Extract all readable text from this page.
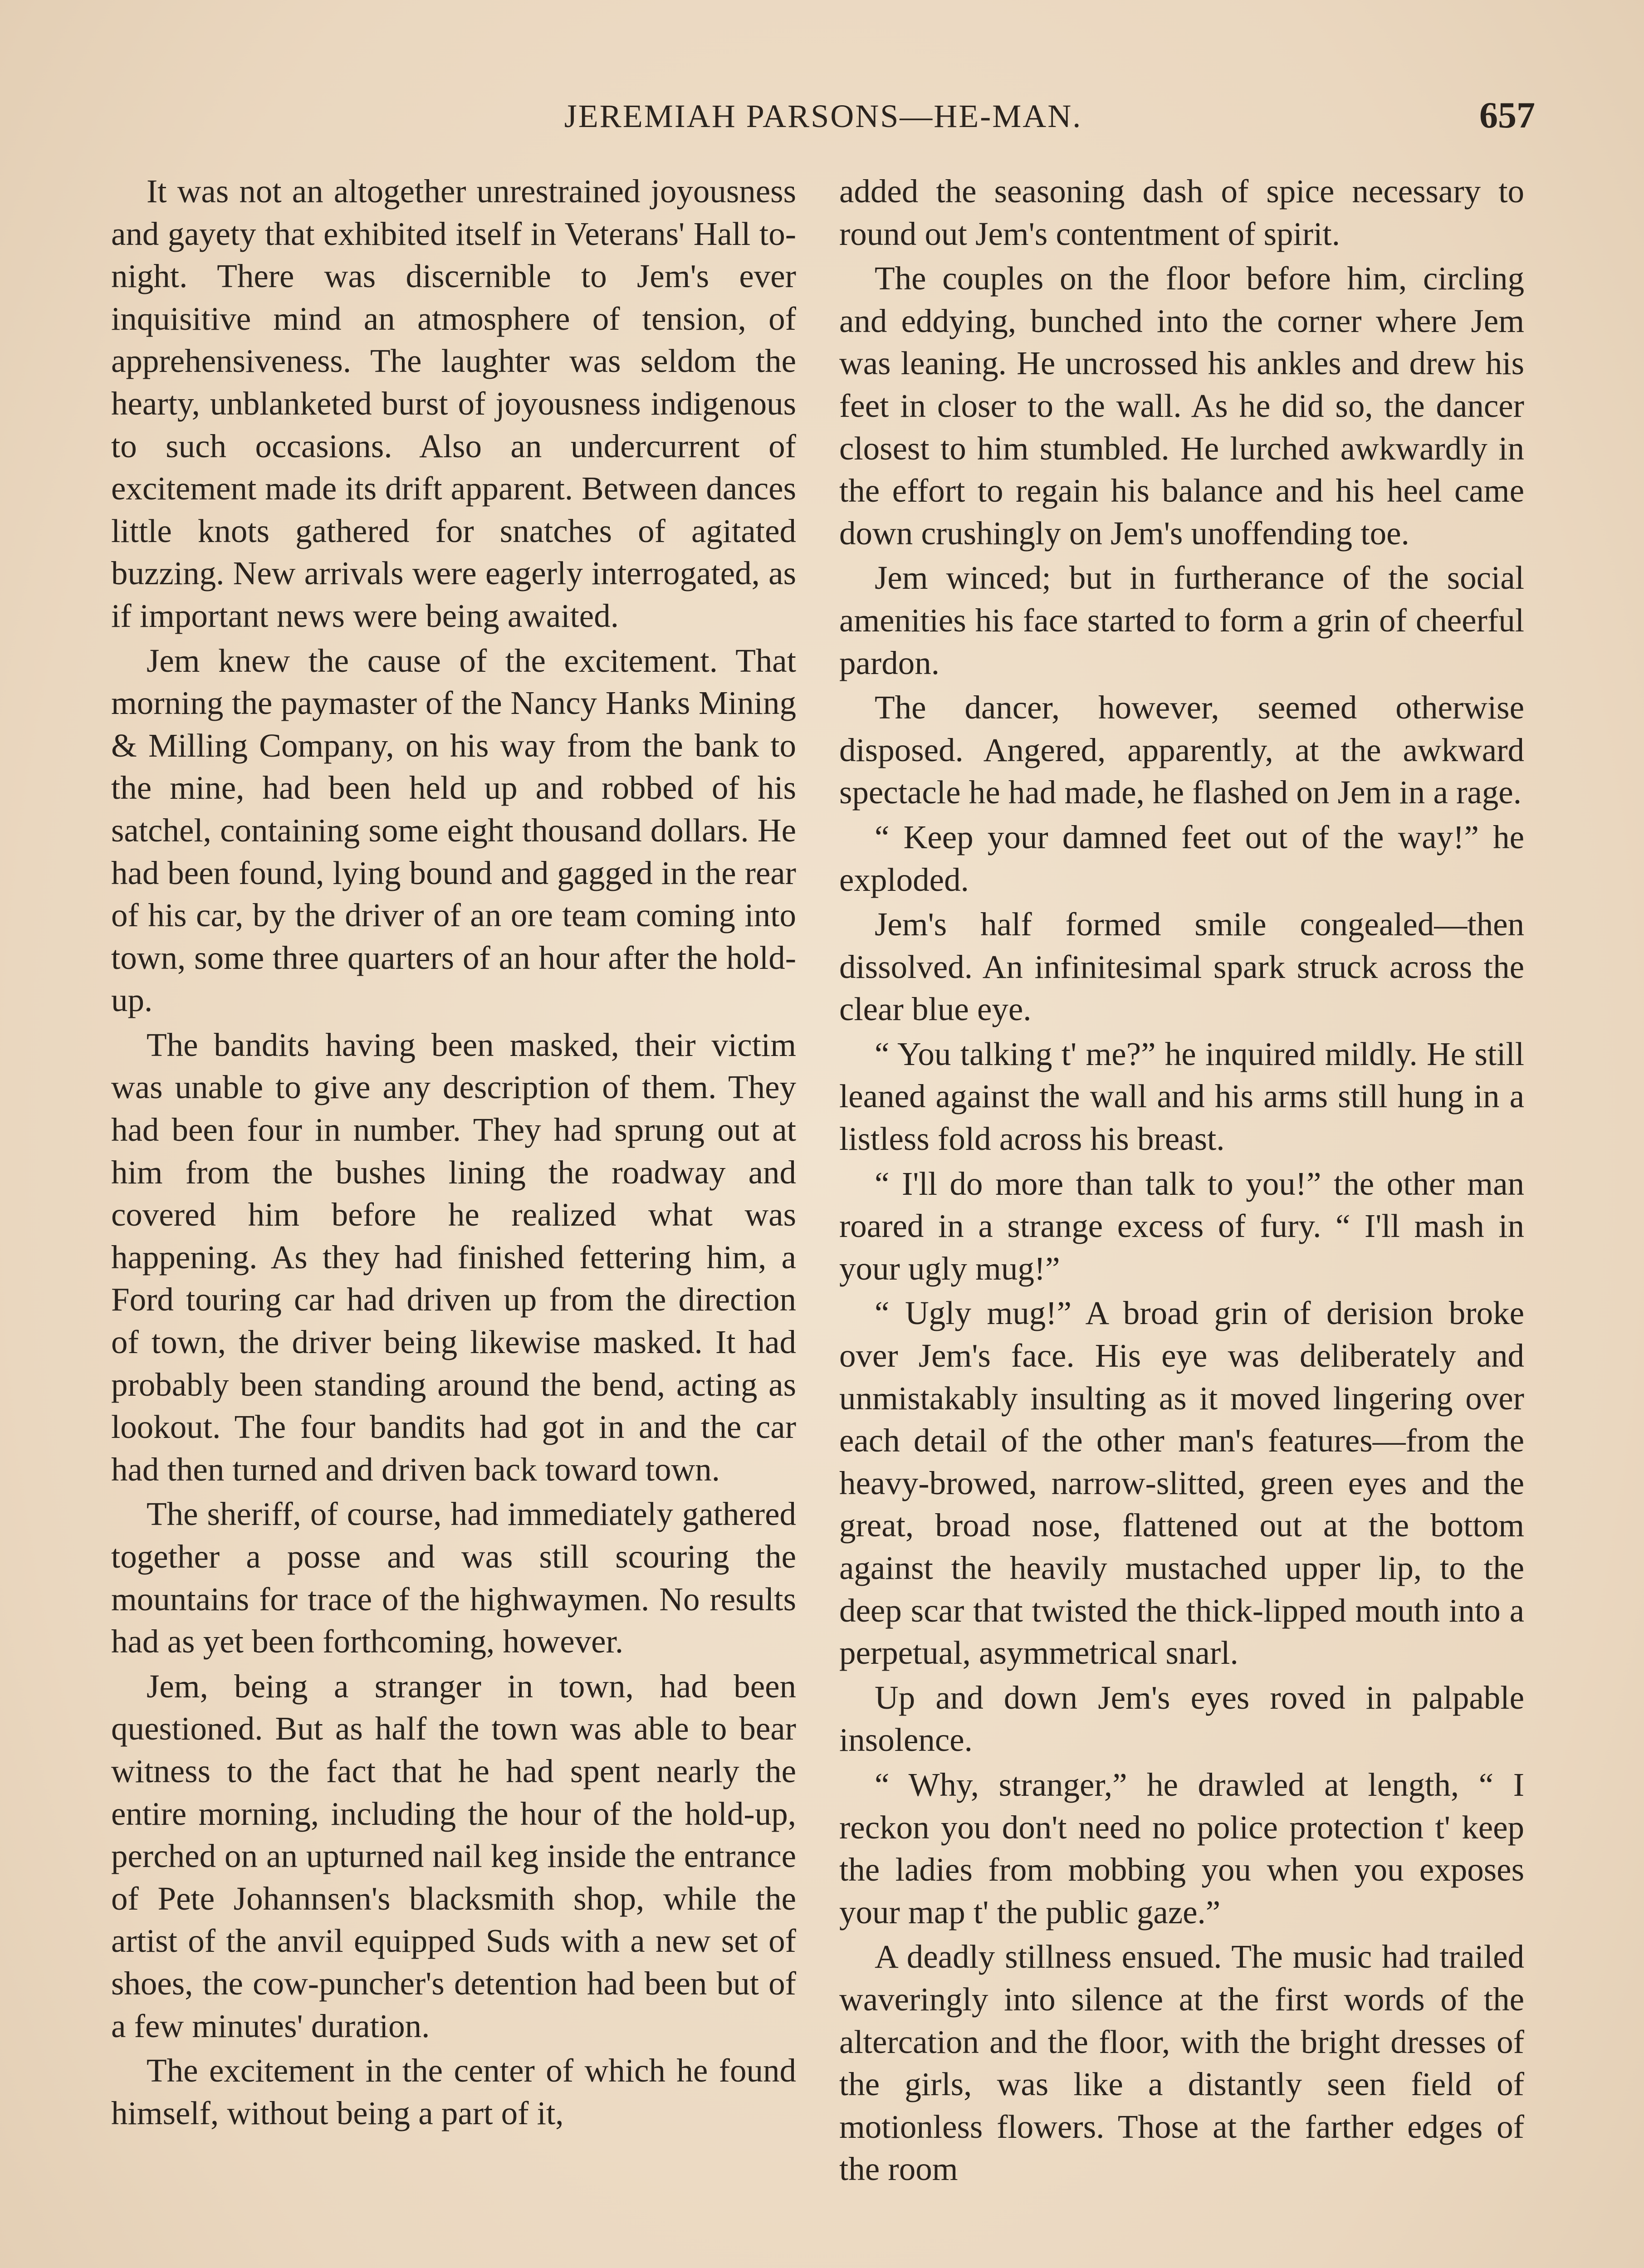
JEREMIAH PARSONS—HE-MAN.	657

It was not an altogether unrestrained joyousness and gayety that exhibited itself in Veterans' Hall to-night. There was discernible to Jem's ever inquisitive mind an atmosphere of tension, of apprehensiveness. The laughter was seldom the hearty, unblanketed burst of joyousness indigenous to such occasions. Also an undercurrent of excitement made its drift apparent. Between dances little knots gathered for snatches of agitated buzzing. New arrivals were eagerly interrogated, as if important news were being awaited.

Jem knew the cause of the excitement. That morning the paymaster of the Nancy Hanks Mining & Milling Company, on his way from the bank to the mine, had been held up and robbed of his satchel, containing some eight thousand dollars. He had been found, lying bound and gagged in the rear of his car, by the driver of an ore team coming into town, some three quarters of an hour after the hold-up.

The bandits having been masked, their victim was unable to give any description of them. They had been four in number. They had sprung out at him from the bushes lining the roadway and covered him before he realized what was happening. As they had finished fettering him, a Ford touring car had driven up from the direction of town, the driver being likewise masked. It had probably been standing around the bend, acting as lookout. The four bandits had got in and the car had then turned and driven back toward town.

The sheriff, of course, had immediately gathered together a posse and was still scouring the mountains for trace of the highwaymen. No results had as yet been forthcoming, however.

Jem, being a stranger in town, had been questioned. But as half the town was able to bear witness to the fact that he had spent nearly the entire morning, including the hour of the hold-up, perched on an upturned nail keg inside the entrance of Pete Johannsen's blacksmith shop, while the artist of the anvil equipped Suds with a new set of shoes, the cow-puncher's detention had been but of a few minutes' duration.

The excitement in the center of which he found himself, without being a part of it,

added the seasoning dash of spice necessary to round out Jem's contentment of spirit.

The couples on the floor before him, circling and eddying, bunched into the corner where Jem was leaning. He uncrossed his ankles and drew his feet in closer to the wall. As he did so, the dancer closest to him stumbled. He lurched awkwardly in the effort to regain his balance and his heel came down crushingly on Jem's unoffending toe.

Jem winced; but in furtherance of the social amenities his face started to form a grin of cheerful pardon.

The dancer, however, seemed otherwise disposed. Angered, apparently, at the awkward spectacle he had made, he flashed on Jem in a rage.

“ Keep your damned feet out of the way!” he exploded.

Jem's half formed smile congealed—then dissolved. An infinitesimal spark struck across the clear blue eye.

“ You talking t' me?” he inquired mildly. He still leaned against the wall and his arms still hung in a listless fold across his breast.

“ I'll do more than talk to you!” the other man roared in a strange excess of fury. “ I'll mash in your ugly mug!”

“ Ugly mug!” A broad grin of derision broke over Jem's face. His eye was deliberately and unmistakably insulting as it moved lingering over each detail of the other man's features—from the heavy-browed, narrow-slitted, green eyes and the great, broad nose, flattened out at the bottom against the heavily mustached upper lip, to the deep scar that twisted the thick-lipped mouth into a perpetual, asymmetrical snarl.

Up and down Jem's eyes roved in palpable insolence.

“ Why, stranger,” he drawled at length, “ I reckon you don't need no police protection t' keep the ladies from mobbing you when you exposes your map t' the public gaze.”

A deadly stillness ensued. The music had trailed waveringly into silence at the first words of the altercation and the floor, with the bright dresses of the girls, was like a distantly seen field of motionless flowers. Those at the farther edges of the room
